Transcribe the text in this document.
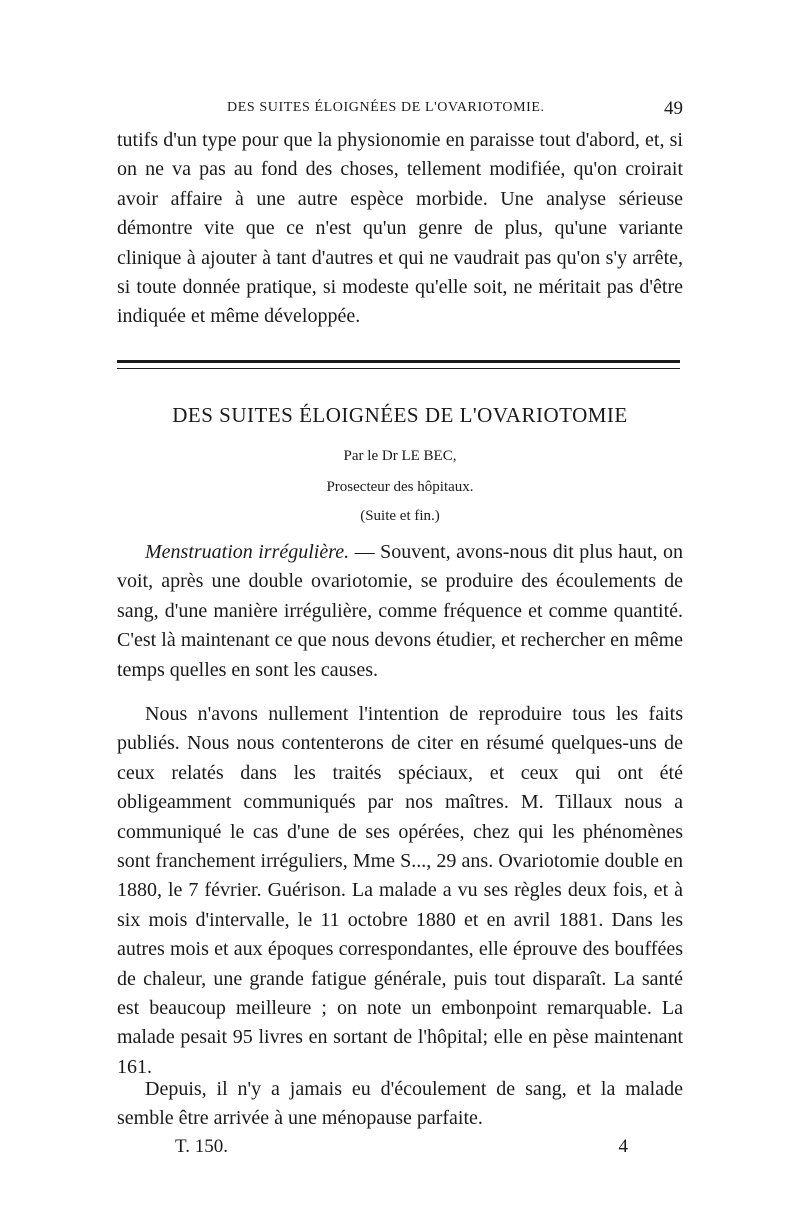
DES SUITES ÉLOIGNÉES DE L'OVARIOTOMIE.	49

tutifs d'un type pour que la physionomie en paraisse tout d'abord, et, si on ne va pas au fond des choses, tellement modifiée, qu'on croirait avoir affaire à une autre espèce morbide. Une analyse sérieuse démontre vite que ce n'est qu'un genre de plus, qu'une variante clinique à ajouter à tant d'autres et qui ne vaudrait pas qu'on s'y arrête, si toute donnée pratique, si modeste qu'elle soit, ne méritait pas d'être indiquée et même développée.

DES SUITES ÉLOIGNÉES DE L'OVARIOTOMIE
Par le Dr LE BEC,
Prosecteur des hôpitaux.
(Suite et fin.)

Menstruation irrégulière. — Souvent, avons-nous dit plus haut, on voit, après une double ovariotomie, se produire des écoulements de sang, d'une manière irrégulière, comme fréquence et comme quantité. C'est là maintenant ce que nous devons étudier, et rechercher en même temps quelles en sont les causes.

Nous n'avons nullement l'intention de reproduire tous les faits publiés. Nous nous contenterons de citer en résumé quelques-uns de ceux relatés dans les traités spéciaux, et ceux qui ont été obligeamment communiqués par nos maîtres. M. Tillaux nous a communiqué le cas d'une de ses opérées, chez qui les phénomènes sont franchement irréguliers, Mme S..., 29 ans. Ovariotomie double en 1880, le 7 février. Guérison. La malade a vu ses règles deux fois, et à six mois d'intervalle, le 11 octobre 1880 et en avril 1881. Dans les autres mois et aux époques correspondantes, elle éprouve des bouffées de chaleur, une grande fatigue générale, puis tout disparaît. La santé est beaucoup meilleure ; on note un embonpoint remarquable. La malade pesait 95 livres en sortant de l'hôpital; elle en pèse maintenant 161.

Depuis, il n'y a jamais eu d'écoulement de sang, et la malade semble être arrivée à une ménopause parfaite.

T. 150.	4
